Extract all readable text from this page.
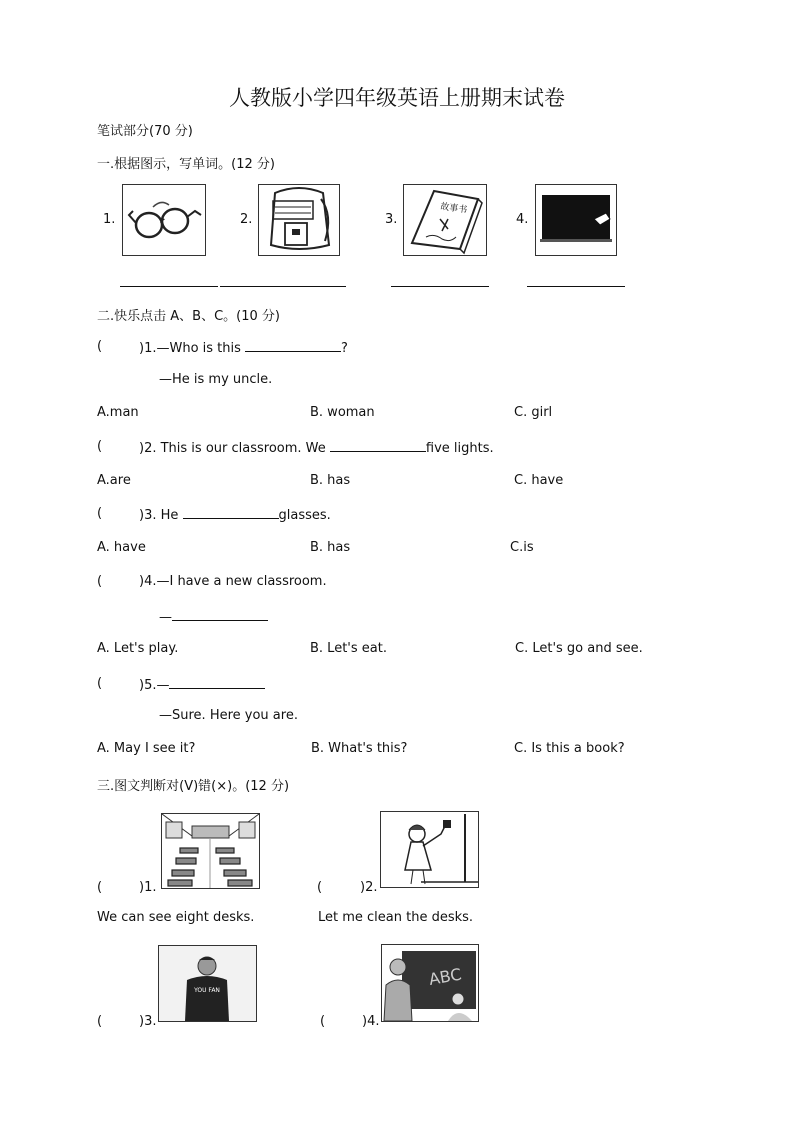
人教版小学四年级英语上册期末试卷
笔试部分(70 分)
一.根据图示，写单词。(12 分)
1.	2.	3.
故事书
4.
二.快乐点击 A、B、C。(10 分)
(	)1.—Who is this	?
—He is my uncle.
A.man	B. woman	C. girl
(	)2. This is our classroom. We	five lights.
A.are	B. has	C. have
(	)3. He	glasses.
A. have	B. has	C.is
(	)4.—I have a new classroom.
—
A. Let's play.	B. Let's eat.	C. Let's go and see.
(	)5.—
—Sure. Here you are.
A. May I see it?	B. What's this?	C. Is this a book?
三.图文判断对(V)错(×)。(12 分)
(	)1.
We can see eight desks.
(	)2.
Let me clean the desks.
YOU FAN
(	)3.
ABC
(	)4.
